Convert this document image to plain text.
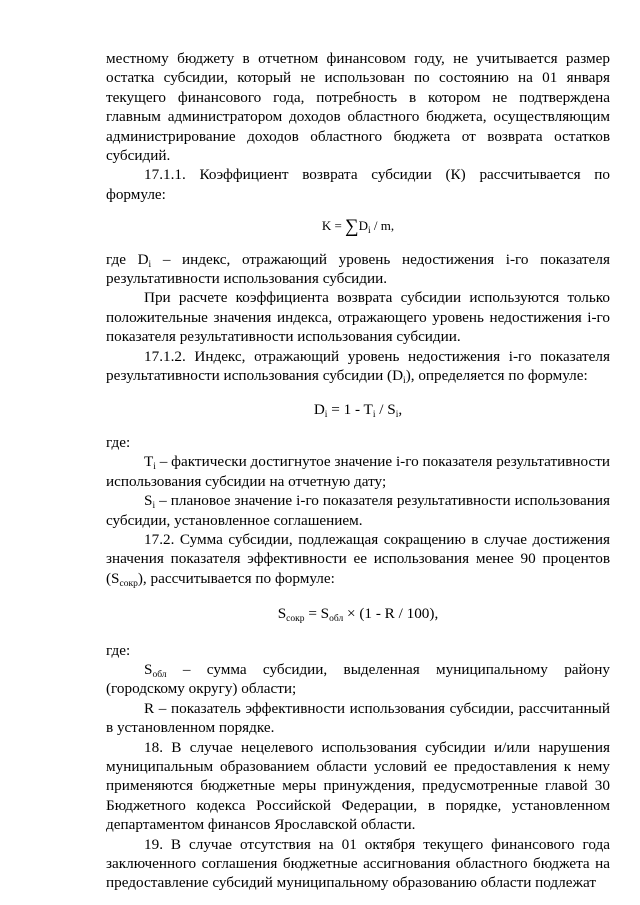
местному бюджету в отчетном финансовом году, не учитывается размер остатка субсидии, который не использован по состоянию на 01 января текущего финансового года, потребность в котором не подтверждена главным администратором доходов областного бюджета, осуществляющим администрирование доходов областного бюджета от возврата остатков субсидий.

17.1.1. Коэффициент возврата субсидии (К) рассчитывается по формуле:

$K = \sum D_i / m$,

где $D_i$ – индекс, отражающий уровень недостижения i-го показателя результативности использования субсидии.

При расчете коэффициента возврата субсидии используются только положительные значения индекса, отражающего уровень недостижения i-го показателя результативности использования субсидии.

17.1.2. Индекс, отражающий уровень недостижения i-го показателя результативности использования субсидии $(D_i)$, определяется по формуле:

$D_i = 1 - T_i / S_i$,

где:

$T_i$ – фактически достигнутое значение i-го показателя результативности использования субсидии на отчетную дату;

$S_i$ – плановое значение i-го показателя результативности использования субсидии, установленное соглашением.

17.2. Сумма субсидии, подлежащая сокращению в случае достижения значения показателя эффективности ее использования менее 90 процентов $(S_{сокр})$, рассчитывается по формуле:

$S_{сокр} = S_{обл} \times (1 - R / 100)$,

где:

$S_{обл}$ – сумма субсидии, выделенная муниципальному району (городскому округу) области;

R – показатель эффективности использования субсидии, рассчитанный в установленном порядке.

18. В случае нецелевого использования субсидии и/или нарушения муниципальным образованием области условий ее предоставления к нему применяются бюджетные меры принуждения, предусмотренные главой 30 Бюджетного кодекса Российской Федерации, в порядке, установленном департаментом финансов Ярославской области.

19. В случае отсутствия на 01 октября текущего финансового года заключенного соглашения бюджетные ассигнования областного бюджета на предоставление субсидий муниципальному образованию области подлежат
